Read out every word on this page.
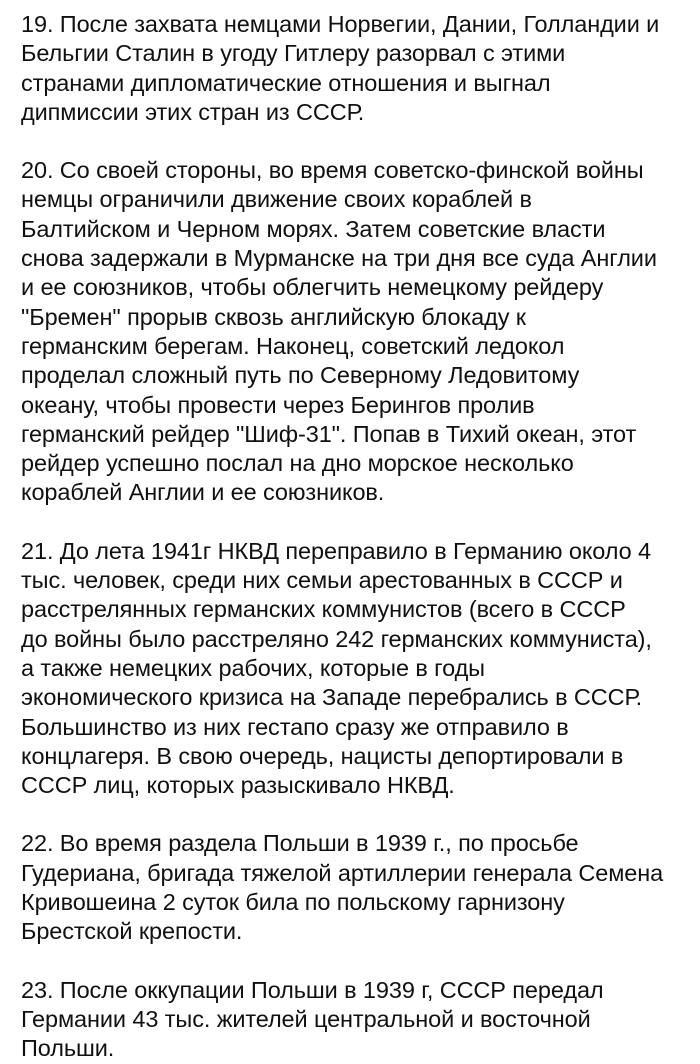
19. После захвата немцами Норвегии, Дании, Голландии и
Бельгии Сталин в угоду Гитлеру разорвал с этими
странами дипломатические отношения и выгнал
дипмиссии этих стран из СССР.

20. Со своей стороны, во время советско-финской войны
немцы ограничили движение своих кораблей в
Балтийском и Черном морях. Затем советские власти
снова задержали в Мурманске на три дня все суда Англии
и ее союзников, чтобы облегчить немецкому рейдеру
"Бремен" прорыв сквозь английскую блокаду к
германским берегам. Наконец, советский ледокол
проделал сложный путь по Северному Ледовитому
океану, чтобы провести через Берингов пролив
германский рейдер "Шиф-31". Попав в Тихий океан, этот
рейдер успешно послал на дно морское несколько
кораблей Англии и ее союзников.

21. До лета 1941г НКВД переправило в Германию около 4
тыс. человек, среди них семьи арестованных в СССР и
расстрелянных германских коммунистов (всего в СССР
до войны было расстреляно 242 германских коммуниста),
а также немецких рабочих, которые в годы
экономического кризиса на Западе перебрались в СССР.
Большинство из них гестапо сразу же отправило в
концлагеря. В свою очередь, нацисты депортировали в
СССР лиц, которых разыскивало НКВД.

22. Во время раздела Польши в 1939 г., по просьбе
Гудериана, бригада тяжелой артиллерии генерала Семена
Кривошеина 2 суток била по польскому гарнизону
Брестской крепости.

23. После оккупации Польши в 1939 г, СССР передал
Германии 43 тыс. жителей центральной и восточной
Польши.
